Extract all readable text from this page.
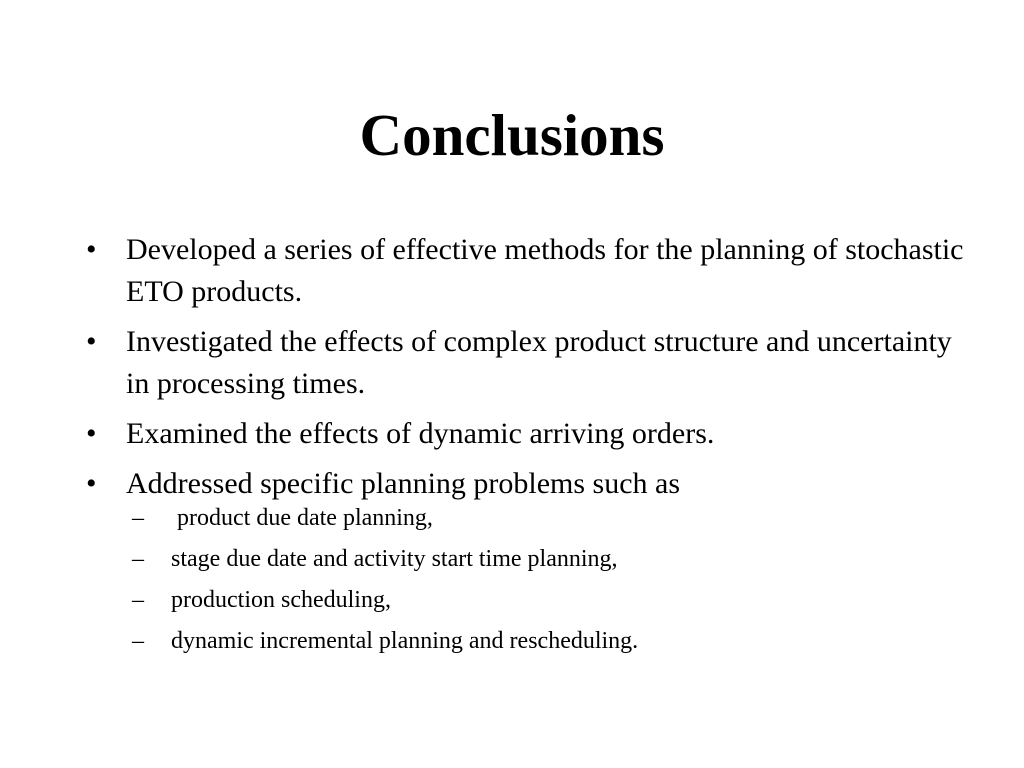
Conclusions
• Developed a series of effective methods for the planning of stochastic ETO products.
• Investigated the effects of complex product structure and uncertainty in processing times.
• Examined the effects of dynamic arriving orders.
• Addressed specific planning problems such as
– product due date planning,
– stage due date and activity start time planning,
– production scheduling,
– dynamic incremental planning and rescheduling.
